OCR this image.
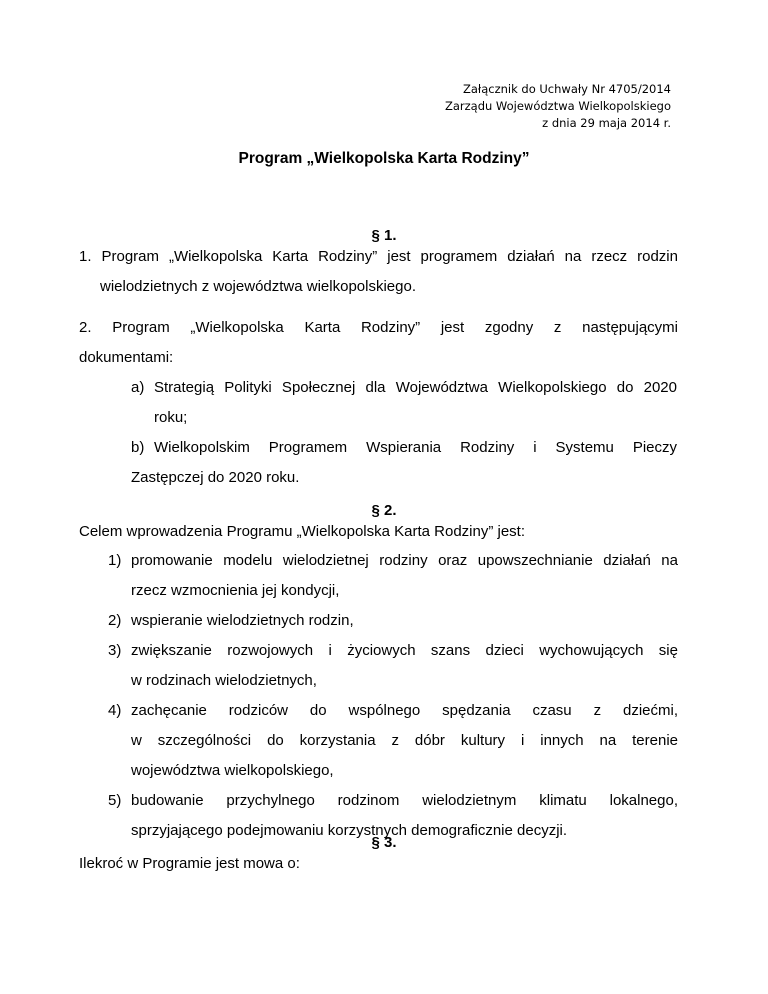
Załącznik do Uchwały Nr 4705/2014
Zarządu Województwa Wielkopolskiego
z dnia 29 maja 2014 r.
Program „Wielkopolska Karta Rodziny”
§ 1.
1. Program „Wielkopolska Karta Rodziny” jest programem działań na rzecz rodzin
wielodzietnych z województwa wielkopolskiego.
2. Program „Wielkopolska Karta Rodziny” jest zgodny z następującymi
dokumentami:
a) Strategią Polityki Społecznej dla Województwa Wielkopolskiego do 2020
roku;
b) Wielkopolskim Programem Wspierania Rodziny i Systemu Pieczy
Zastępczej do 2020 roku.
§ 2.
Celem wprowadzenia Programu „Wielkopolska Karta Rodziny” jest:
1) promowanie modelu wielodzietnej rodziny oraz upowszechnianie działań na
rzecz wzmocnienia jej kondycji,
2) wspieranie wielodzietnych rodzin,
3) zwiększanie rozwojowych i życiowych szans dzieci wychowujących się
w rodzinach wielodzietnych,
4) zachęcanie rodziców do wspólnego spędzania czasu z dziećmi,
w szczególności do korzystania z dóbr kultury i innych na terenie
województwa wielkopolskiego,
5) budowanie przychylnego rodzinom wielodzietnym klimatu lokalnego,
sprzyjającego podejmowaniu korzystnych demograficznie decyzji.
§ 3.
Ilekroć w Programie jest mowa o:
